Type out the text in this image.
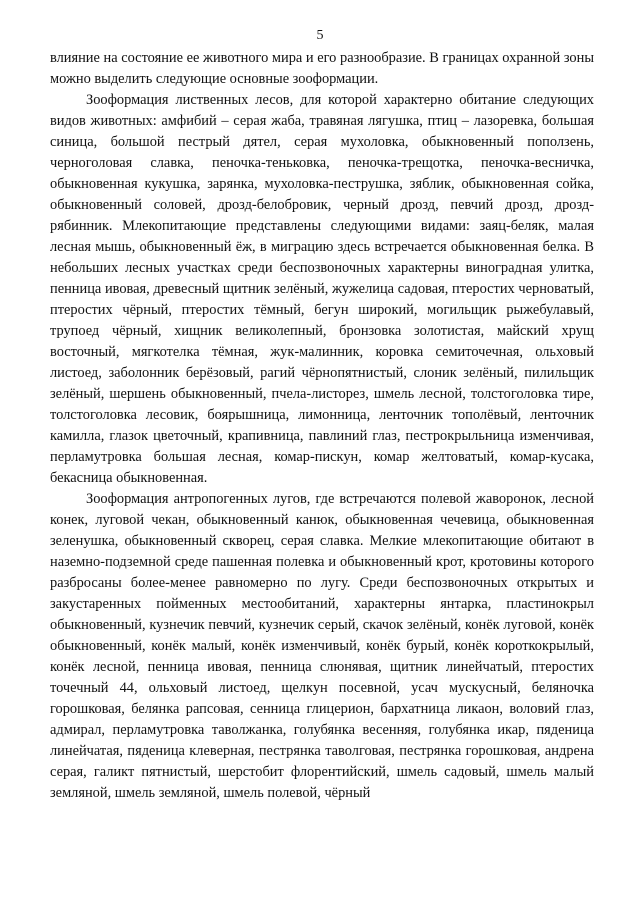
5

влияние на состояние ее животного мира и его разнообразие. В границах охранной зоны можно выделить следующие основные зооформации.

Зооформация лиственных лесов, для которой характерно обитание следующих видов животных: амфибий – серая жаба, травяная лягушка, птиц – лазоревка, большая синица, большой пестрый дятел, серая мухоловка, обыкновенный поползень, черноголовая славка, пеночка-теньковка, пеночка-трещотка, пеночка-весничка, обыкновенная кукушка, зарянка, мухоловка-пеструшка, зяблик, обыкновенная сойка, обыкновенный соловей, дрозд-белобровик, черный дрозд, певчий дрозд, дрозд-рябинник. Млекопитающие представлены следующими видами: заяц-беляк, малая лесная мышь, обыкновенный ёж, в миграцию здесь встречается обыкновенная белка. В небольших лесных участках среди беспозвоночных характерны виноградная улитка, пенница ивовая, древесный щитник зелёный, жужелица садовая, птеростих черноватый, птеростих чёрный, птеростих тёмный, бегун широкий, могильщик рыжебулавый, трупоед чёрный, хищник великолепный, бронзовка золотистая, майский хрущ восточный, мягкотелка тёмная, жук-малинник, коровка семиточечная, ольховый листоед, заболонник берёзовый, рагий чёрнопятнистый, слоник зелёный, пилильщик зелёный, шершень обыкновенный, пчела-листорез, шмель лесной, толстоголовка тире, толстоголовка лесовик, боярышница, лимонница, ленточник тополёвый, ленточник камилла, глазок цветочный, крапивница, павлиний глаз, пестрокрыльница изменчивая, перламутровка большая лесная, комар-пискун, комар желтоватый, комар-кусака, бекасница обыкновенная.

Зооформация антропогенных лугов, где встречаются полевой жаворонок, лесной конек, луговой чекан, обыкновенный канюк, обыкновенная чечевица, обыкновенная зеленушка, обыкновенный скворец, серая славка. Мелкие млекопитающие обитают в наземно-подземной среде пашенная полевка и обыкновенный крот, кротовины которого разбросаны более-менее равномерно по лугу. Среди беспозвоночных открытых и закустаренных пойменных местообитаний, характерны янтарка, пластинокрыл обыкновенный, кузнечик певчий, кузнечик серый, скачок зелёный, конёк луговой, конёк обыкновенный, конёк малый, конёк изменчивый, конёк бурый, конёк короткокрылый, конёк лесной, пенница ивовая, пенница слюнявая, щитник линейчатый, птеростих точечный 44, ольховый листоед, щелкун посевной, усач мускусный, беляночка горошковая, белянка рапсовая, сенница глицерион, бархатница ликаон, воловий глаз, адмирал, перламутровка таволжанка, голубянка весенняя, голубянка икар, пяденица линейчатая, пяденица клеверная, пестрянка таволговая, пестрянка горошковая, андрена серая, галикт пятнистый, шерстобит флорентийский, шмель садовый, шмель малый земляной, шмель земляной, шмель полевой, чёрный
